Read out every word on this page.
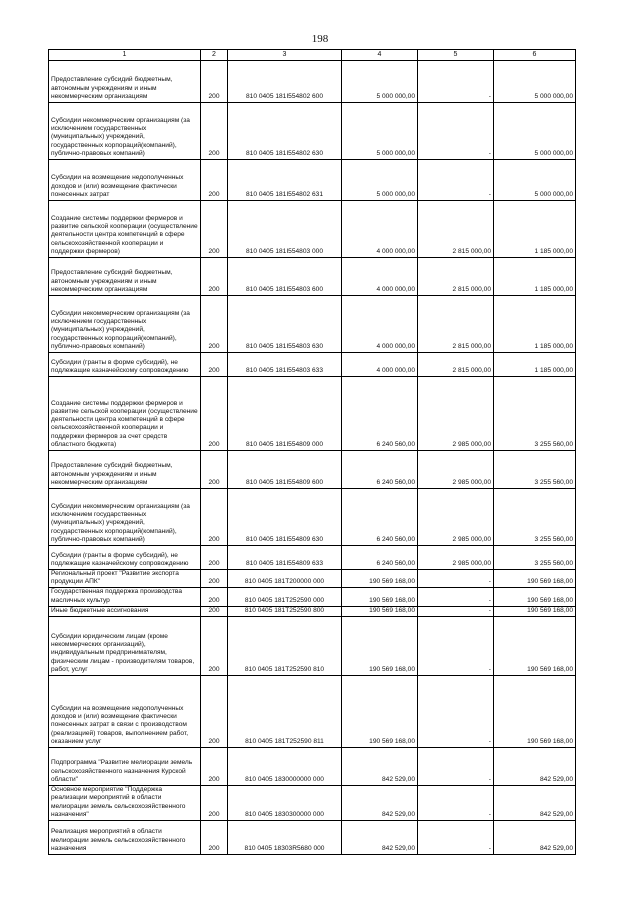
198
1	2	3	4	5	6
Предоставление субсидий бюджетным, автономным учреждениям и иным некоммерческим организациям	200	810 0405 181I554802 600	5 000 000,00	-	5 000 000,00
Субсидии некоммерческим организациям (за исключением государственных (муниципальных) учреждений, государственных корпораций(компаний), публично-правовых компаний)	200	810 0405 181I554802 630	5 000 000,00	-	5 000 000,00
Субсидии на возмещение недополученных доходов и (или) возмещение фактически понесенных затрат	200	810 0405 181I554802 631	5 000 000,00	-	5 000 000,00
Создание системы поддержки фермеров и развитие сельской кооперации (осуществление деятельности центра компетенций в сфере сельскохозяйственной кооперации и поддержки фермеров)	200	810 0405 181I554803 000	4 000 000,00	2 815 000,00	1 185 000,00
Предоставление субсидий бюджетным, автономным учреждениям и иным некоммерческим организациям	200	810 0405 181I554803 600	4 000 000,00	2 815 000,00	1 185 000,00
Субсидии некоммерческим организациям (за исключением государственных (муниципальных) учреждений, государственных корпораций(компаний), публично-правовых компаний)	200	810 0405 181I554803 630	4 000 000,00	2 815 000,00	1 185 000,00
Субсидии (гранты в форме субсидий), не подлежащие казначейскому сопровождению	200	810 0405 181I554803 633	4 000 000,00	2 815 000,00	1 185 000,00
Создание системы поддержки фермеров и развитие сельской кооперации (осуществление деятельности центра компетенций в сфере сельскохозяйственной кооперации и поддержки фермеров за счет средств областного бюджета)	200	810 0405 181I554809 000	6 240 560,00	2 985 000,00	3 255 560,00
Предоставление субсидий бюджетным, автономным учреждениям и иным некоммерческим организациям	200	810 0405 181I554809 600	6 240 560,00	2 985 000,00	3 255 560,00
Субсидии некоммерческим организациям (за исключением государственных (муниципальных) учреждений, государственных корпораций(компаний), публично-правовых компаний)	200	810 0405 181I554809 630	6 240 560,00	2 985 000,00	3 255 560,00
Субсидии (гранты в форме субсидий), не подлежащие казначейскому сопровождению	200	810 0405 181I554809 633	6 240 560,00	2 985 000,00	3 255 560,00
Региональный проект "Развитие экспорта продукции АПК"	200	810 0405 181T200000 000	190 569 168,00	-	190 569 168,00
Государственная поддержка производства масличных культур	200	810 0405 181T252590 000	190 569 168,00	-	190 569 168,00
Иные бюджетные ассигнования	200	810 0405 181T252590 800	190 569 168,00	-	190 569 168,00
Субсидии юридическим лицам (кроме некоммерческих организаций), индивидуальным предпринимателям, физическим лицам - производителям товаров, работ, услуг	200	810 0405 181T252590 810	190 569 168,00	-	190 569 168,00
Субсидии на возмещение недополученных доходов и (или) возмещение фактически понесенных затрат в связи с производством (реализацией) товаров, выполнением работ, оказанием услуг	200	810 0405 181T252590 811	190 569 168,00	-	190 569 168,00
Подпрограмма "Развитие мелиорации земель сельскохозяйственного назначения Курской области"	200	810 0405 1830000000 000	842 529,00	-	842 529,00
Основное мероприятие "Поддержка реализации мероприятий в области мелиорации земель сельскохозяйственного назначения"	200	810 0405 1830300000 000	842 529,00	-	842 529,00
Реализация мероприятий в области мелиорации земель сельскохозяйственного назначения	200	810 0405 18303R5680 000	842 529,00	-	842 529,00
